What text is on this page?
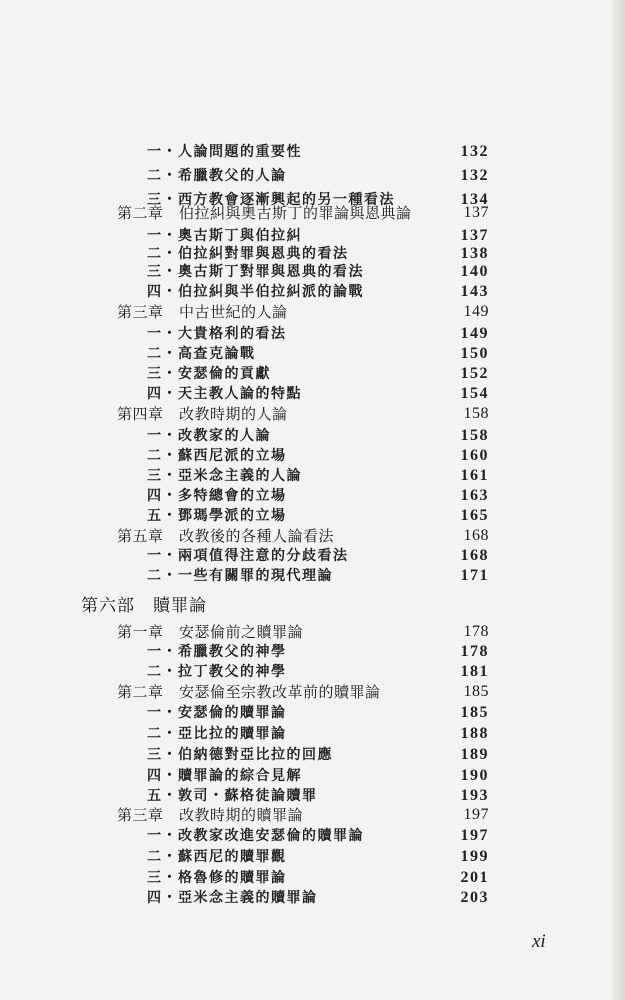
一・人論問題的重要性	132
二・希臘教父的人論	132
三・西方教會逐漸興起的另一種看法	134
第二章　伯拉糾與奧古斯丁的罪論與恩典論	137
一・奧古斯丁與伯拉糾	137
二・伯拉糾對罪與恩典的看法	138
三・奧古斯丁對罪與恩典的看法	140
四・伯拉糾與半伯拉糾派的論戰	143
第三章　中古世紀的人論	149
一・大貴格利的看法	149
二・高查克論戰	150
三・安瑟倫的貢獻	152
四・天主教人論的特點	154
第四章　改教時期的人論	158
一・改教家的人論	158
二・蘇西尼派的立場	160
三・亞米念主義的人論	161
四・多特總會的立場	163
五・鄧瑪學派的立場	165
第五章　改教後的各種人論看法	168
一・兩項值得注意的分歧看法	168
二・一些有關罪的現代理論	171
第六部　贖罪論
第一章　安瑟倫前之贖罪論	178
一・希臘教父的神學	178
二・拉丁教父的神學	181
第二章　安瑟倫至宗教改革前的贖罪論	185
一・安瑟倫的贖罪論	185
二・亞比拉的贖罪論	188
三・伯納德對亞比拉的回應	189
四・贖罪論的綜合見解	190
五・敦司・蘇格徒論贖罪	193
第三章　改教時期的贖罪論	197
一・改教家改進安瑟倫的贖罪論	197
二・蘇西尼的贖罪觀	199
三・格魯修的贖罪論	201
四・亞米念主義的贖罪論	203
xi
